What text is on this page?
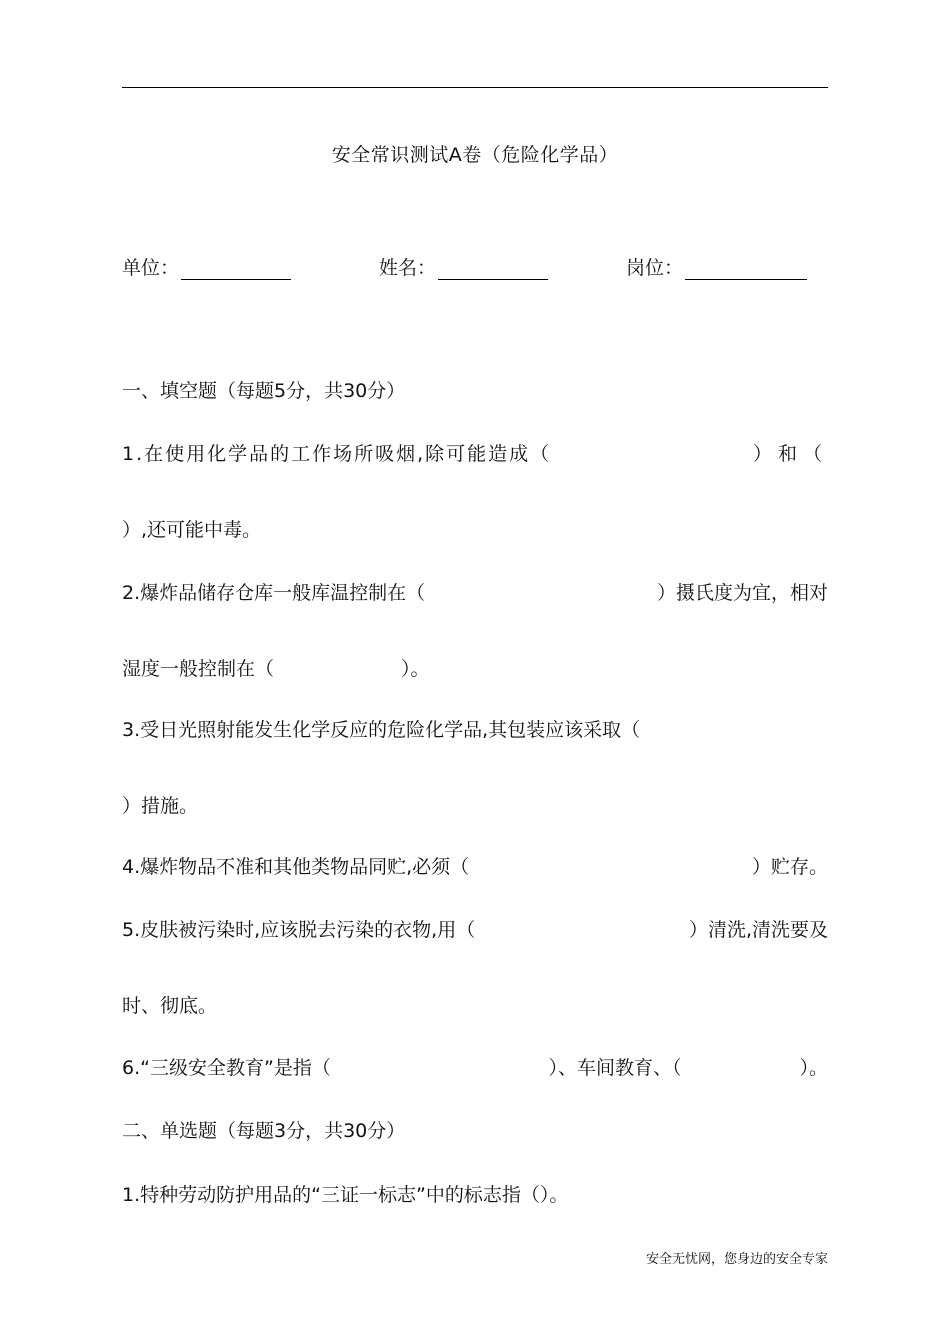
安全常识测试A卷（危险化学品）
单位：	姓名：	岗位：
一、填空题（每题5分，共30分）
1.在使用化学品的工作场所吸烟,除可能造成（	）和（
）,还可能中毒。
2.爆炸品储存仓库一般库温控制在（	）摄氏度为宜，相对
湿度一般控制在（	）。
3.受日光照射能发生化学反应的危险化学品,其包装应该采取（
）措施。
4.爆炸物品不准和其他类物品同贮,必须（	）贮存。
5.皮肤被污染时,应该脱去污染的衣物,用（	）清洗,清洗要及
时、彻底。
6.“三级安全教育”是指（	）、车间教育、（	）。
二、单选题（每题3分，共30分）
1.特种劳动防护用品的“三证一标志”中的标志指（）。
安全无忧网，您身边的安全专家
